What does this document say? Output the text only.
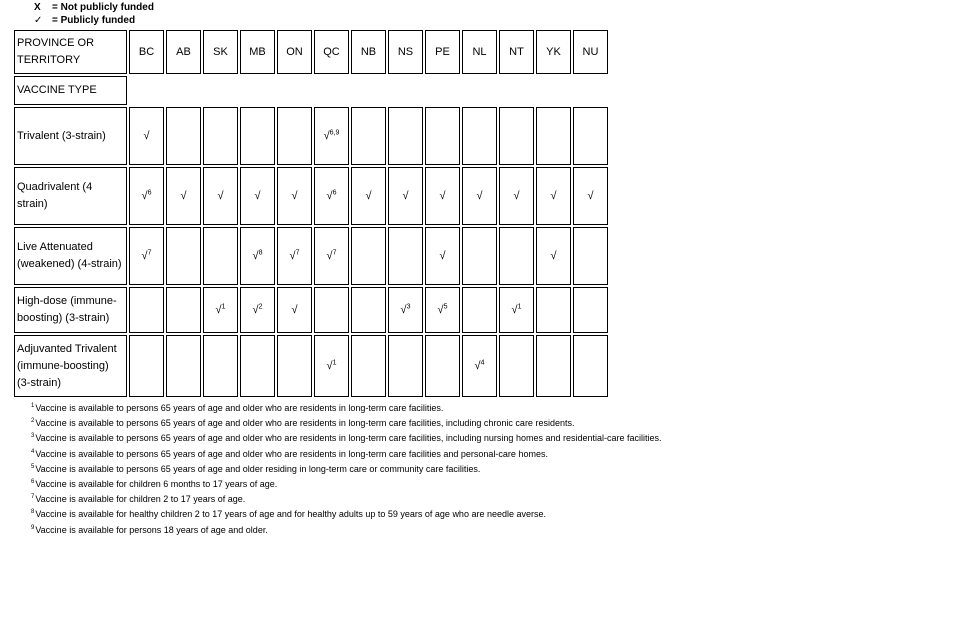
X	= Not publicly funded
✓ = Publicly funded
PROVINCE OR TERRITORY	BC	AB	SK	MB	ON	QC	NB	NS	PE	NL	NT	YK	NU
VACCINE TYPE													
Trivalent (3-strain)	√					√$^{6,9}$							
Quadrivalent (4 strain)	√$^6$	√	√	√	√	√$^6$	√	√	√	√	√	√	√
Live Attenuated (weakened) (4-strain)	√$^7$			√$^8$	√$^7$	√$^7$			√			√	
High-dose (immune-boosting) (3-strain)			√$^1$	√$^2$	√			√$^3$	√$^5$		√$^1$		
Adjuvanted Trivalent (immune-boosting) (3-strain)						√$^1$				√$^4$			
$^1$Vaccine is available to persons 65 years of age and older who are residents in long-term care facilities.
$^2$Vaccine is available to persons 65 years of age and older who are residents in long-term care facilities, including chronic care residents.
$^3$Vaccine is available to persons 65 years of age and older who are residents in long-term care facilities, including nursing homes and residential-care facilities.
$^4$Vaccine is available to persons 65 years of age and older who are residents in long-term care facilities and personal-care homes.
$^5$Vaccine is available to persons 65 years of age and older residing in long-term care or community care facilities.
$^6$Vaccine is available for children 6 months to 17 years of age.
$^7$Vaccine is available for children 2 to 17 years of age.
$^8$Vaccine is available for healthy children 2 to 17 years of age and for healthy adults up to 59 years of age who are needle averse.
$^9$Vaccine is available for persons 18 years of age and older.
